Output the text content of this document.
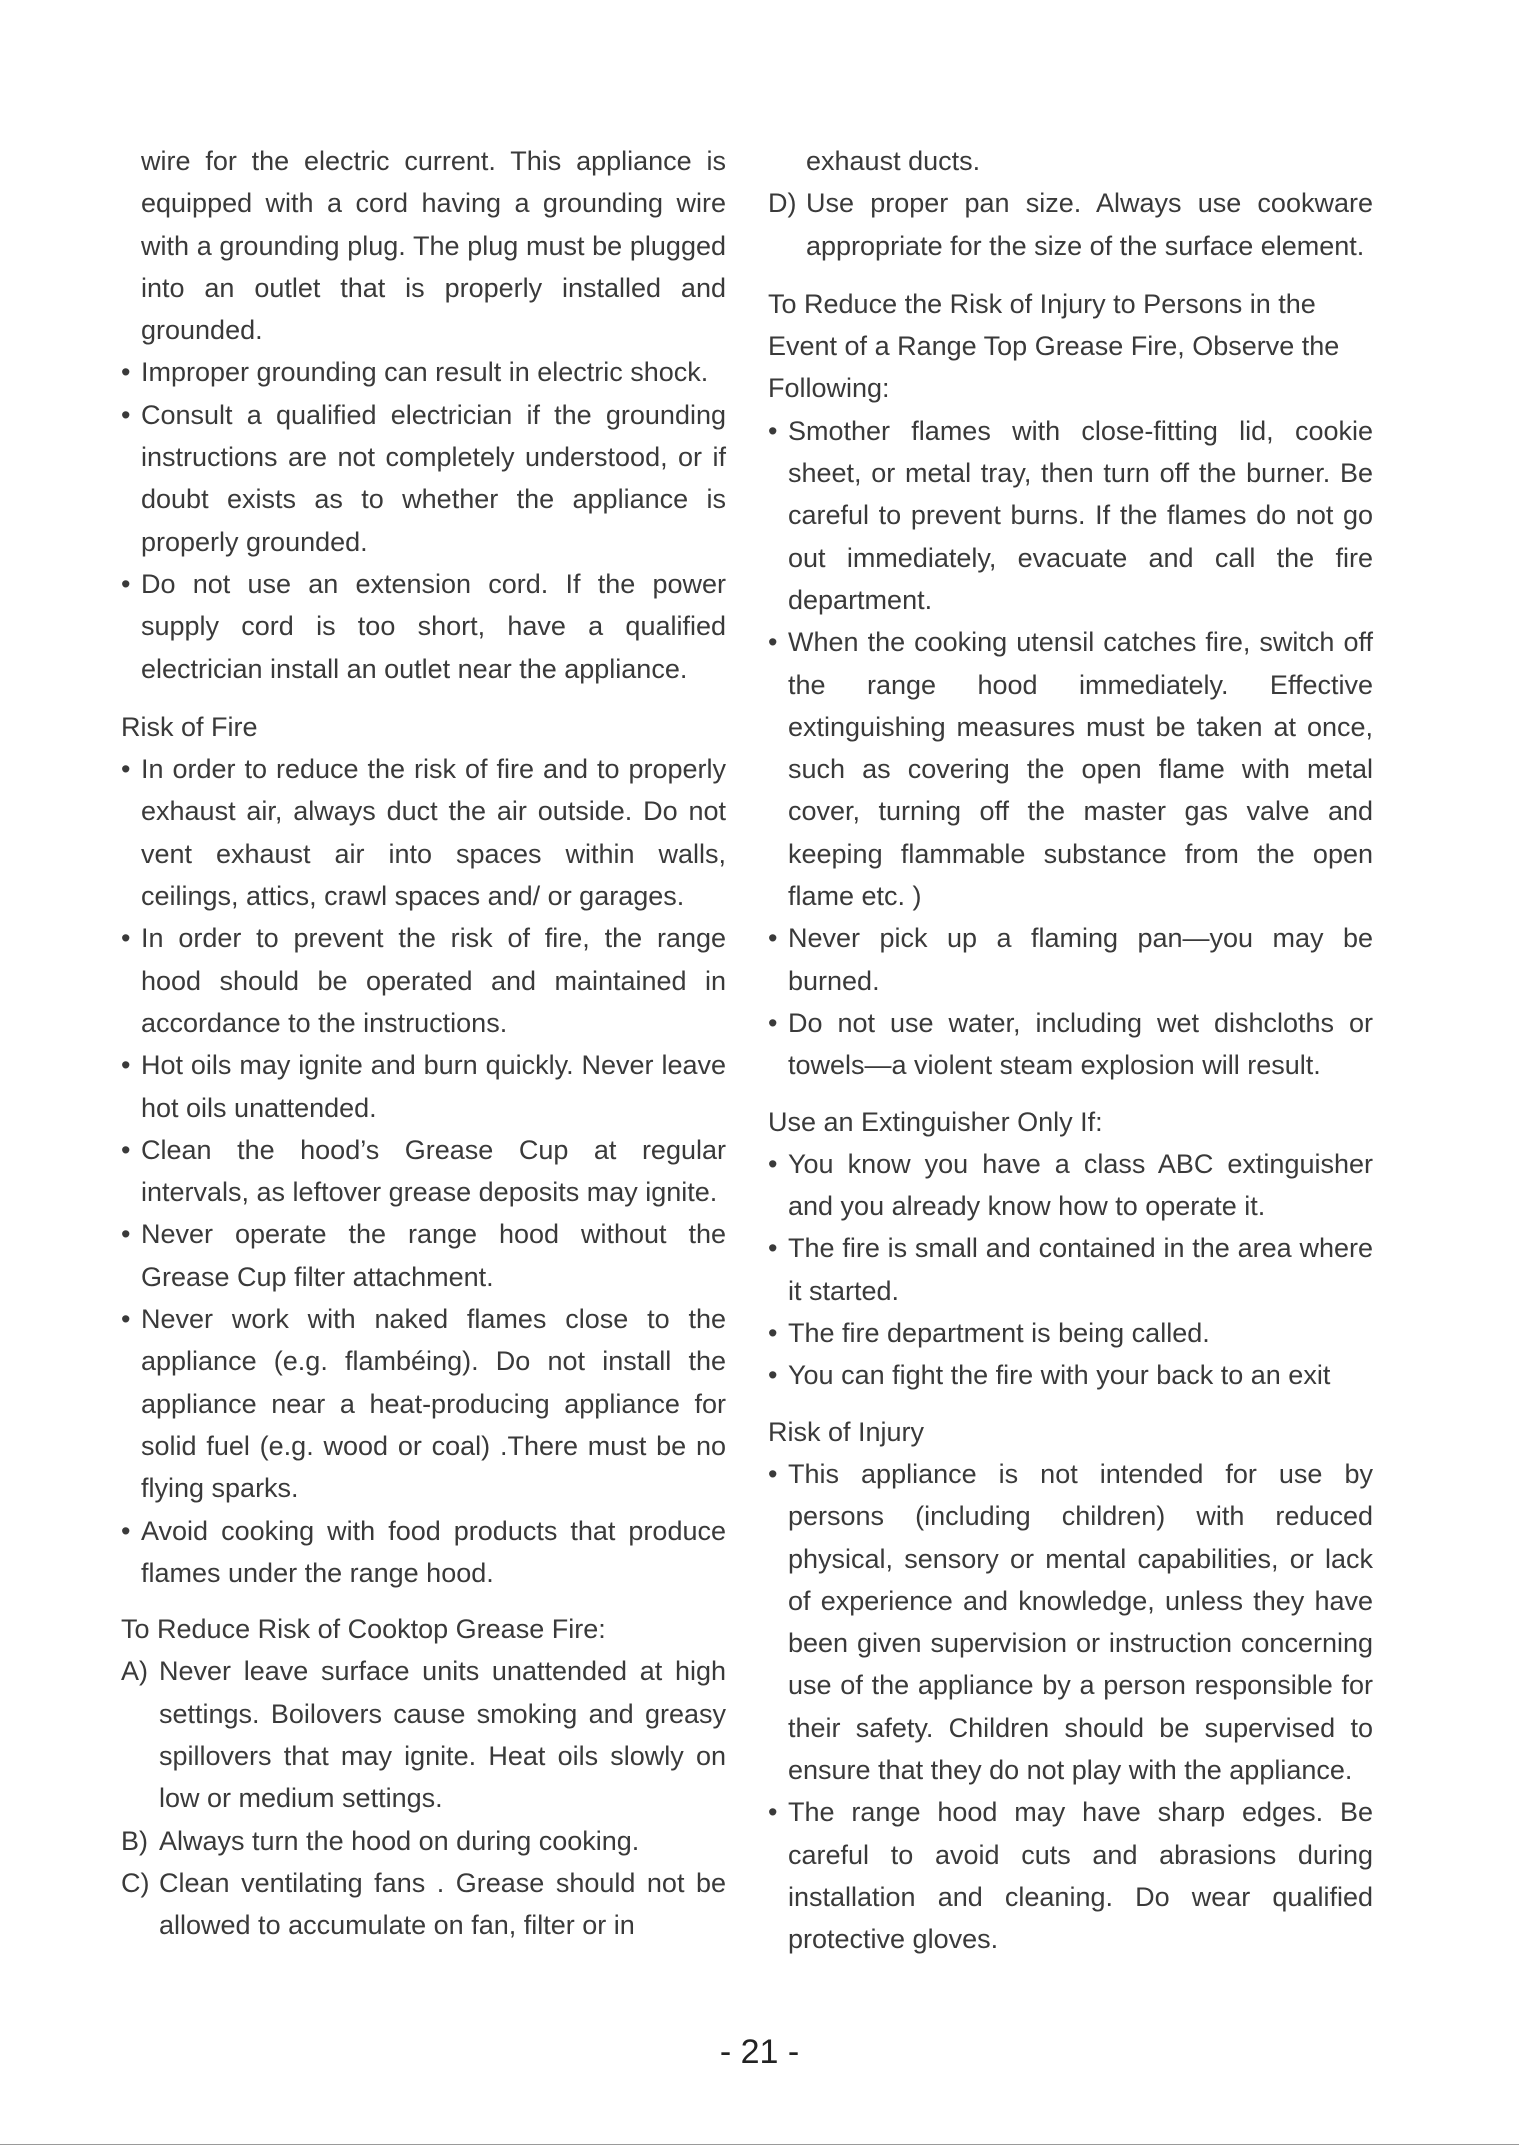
wire for the electric current. This appliance is equipped with a cord having a grounding wire with a grounding plug. The plug must be plugged into an outlet that is properly installed and grounded.

• Improper grounding can result in electric shock.

• Consult a qualified electrician if the grounding instructions are not completely understood, or if doubt exists as to whether the appliance is properly grounded.

• Do not use an extension cord. If the power supply cord is too short, have a qualified electrician install an outlet near the appliance.

Risk of Fire

• In order to reduce the risk of fire and to properly exhaust air, always duct the air outside. Do not vent exhaust air into spaces within walls, ceilings, attics, crawl spaces and/ or garages.

• In order to prevent the risk of fire, the range hood should be operated and maintained in accordance to the instructions.

• Hot oils may ignite and burn quickly. Never leave hot oils unattended.

• Clean the hood’s Grease Cup at regular intervals, as leftover grease deposits may ignite.

• Never operate the range hood without the Grease Cup filter attachment.

• Never work with naked flames close to the appliance (e.g. flambéing). Do not install the appliance near a heat-producing appliance for solid fuel (e.g. wood or coal) .There must be no flying sparks.

• Avoid cooking with food products that produce flames under the range hood.

To Reduce Risk of Cooktop Grease Fire:

A) Never leave surface units unattended at high settings. Boilovers cause smoking and greasy spillovers that may ignite. Heat oils slowly on low or medium settings.

B) Always turn the hood on during cooking.

C) Clean ventilating fans . Grease should not be allowed to accumulate on fan, filter or in

exhaust ducts.

D) Use proper pan size. Always use cookware appropriate for the size of the surface element.

To Reduce the Risk of Injury to Persons in the Event of a Range Top Grease Fire, Observe the Following:

• Smother flames with close-fitting lid, cookie sheet, or metal tray, then turn off the burner. Be careful to prevent burns. If the flames do not go out immediately, evacuate and call the fire department.

• When the cooking utensil catches fire, switch off the range hood immediately. Effective extinguishing measures must be taken at once, such as covering the open flame with metal cover, turning off the master gas valve and keeping flammable substance from the open flame etc. )

• Never pick up a flaming pan—you may be burned.

• Do not use water, including wet dishcloths or towels—a violent steam explosion will result.

Use an Extinguisher Only If:

• You know you have a class ABC extinguisher and you already know how to operate it.

• The fire is small and contained in the area where it started.

• The fire department is being called.

• You can fight the fire with your back to an exit

Risk of Injury

• This appliance is not intended for use by persons (including children) with reduced physical, sensory or mental capabilities, or lack of experience and knowledge, unless they have been given supervision or instruction concerning use of the appliance by a person responsible for their safety. Children should be supervised to ensure that they do not play with the appliance.

• The range hood may have sharp edges. Be careful to avoid cuts and abrasions during installation and cleaning. Do wear qualified protective gloves.

- 21 -
